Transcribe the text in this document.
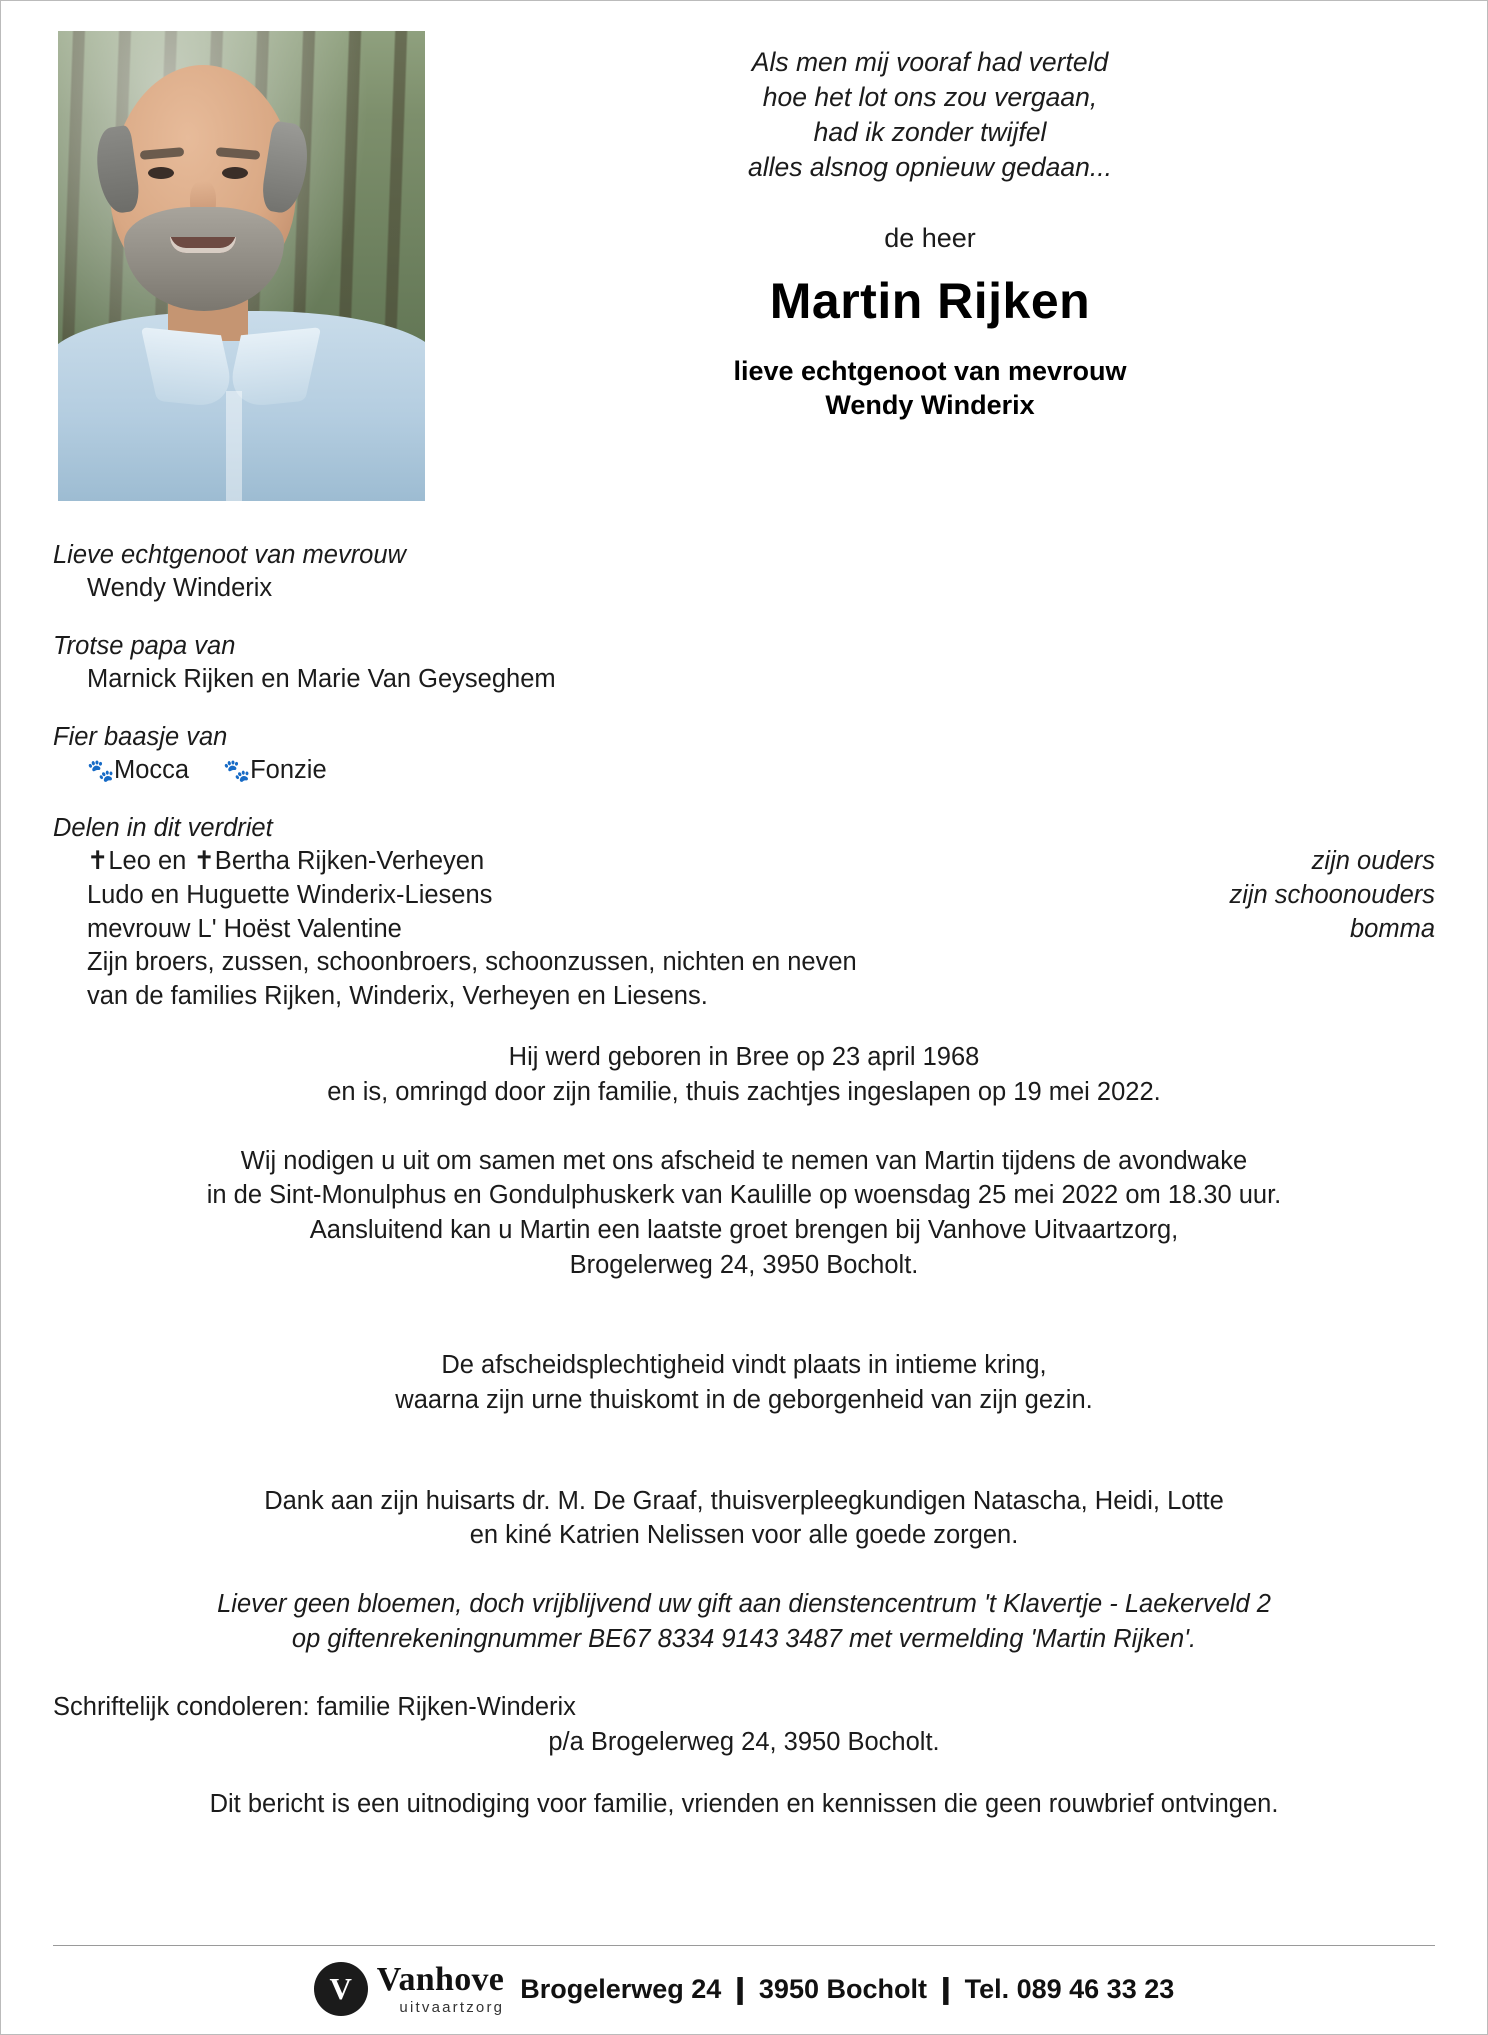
Als men mij vooraf had verteld
hoe het lot ons zou vergaan,
had ik zonder twijfel
alles alsnog opnieuw gedaan...
de heer
Martin Rijken
lieve echtgenoot van mevrouw
Wendy Winderix
Lieve echtgenoot van mevrouw
Wendy Winderix
Trotse papa van
Marnick Rijken en Marie Van Geyseghem
Fier baasje van
🐾Mocca 🐾Fonzie
Delen in dit verdriet
✝Leo en ✝Bertha Rijken-Verheyen	zijn ouders
Ludo en Huguette Winderix-Liesens	zijn schoonouders
mevrouw L' Hoëst Valentine	bomma
Zijn broers, zussen, schoonbroers, schoonzussen, nichten en neven
van de families Rijken, Winderix, Verheyen en Liesens.
Hij werd geboren in Bree op 23 april 1968
en is, omringd door zijn familie, thuis zachtjes ingeslapen op 19 mei 2022.
Wij nodigen u uit om samen met ons afscheid te nemen van Martin tijdens de avondwake
in de Sint-Monulphus en Gondulphuskerk van Kaulille op woensdag 25 mei 2022 om 18.30 uur.
Aansluitend kan u Martin een laatste groet brengen bij Vanhove Uitvaartzorg,
Brogelerweg 24, 3950 Bocholt.
De afscheidsplechtigheid vindt plaats in intieme kring,
waarna zijn urne thuiskomt in de geborgenheid van zijn gezin.
Dank aan zijn huisarts dr. M. De Graaf, thuisverpleegkundigen Natascha, Heidi, Lotte
en kiné Katrien Nelissen voor alle goede zorgen.
Liever geen bloemen, doch vrijblijvend uw gift aan dienstencentrum 't Klavertje - Laekerveld 2
op giftenrekeningnummer BE67 8334 9143 3487 met vermelding 'Martin Rijken'.
Schriftelijk condoleren: familie Rijken-Winderix
p/a Brogelerweg 24, 3950 Bocholt.
Dit bericht is een uitnodiging voor familie, vrienden en kennissen die geen rouwbrief ontvingen.
V Vanhove
uitvaartzorg
Brogelerweg 24 ❙ 3950 Bocholt ❙ Tel. 089 46 33 23
